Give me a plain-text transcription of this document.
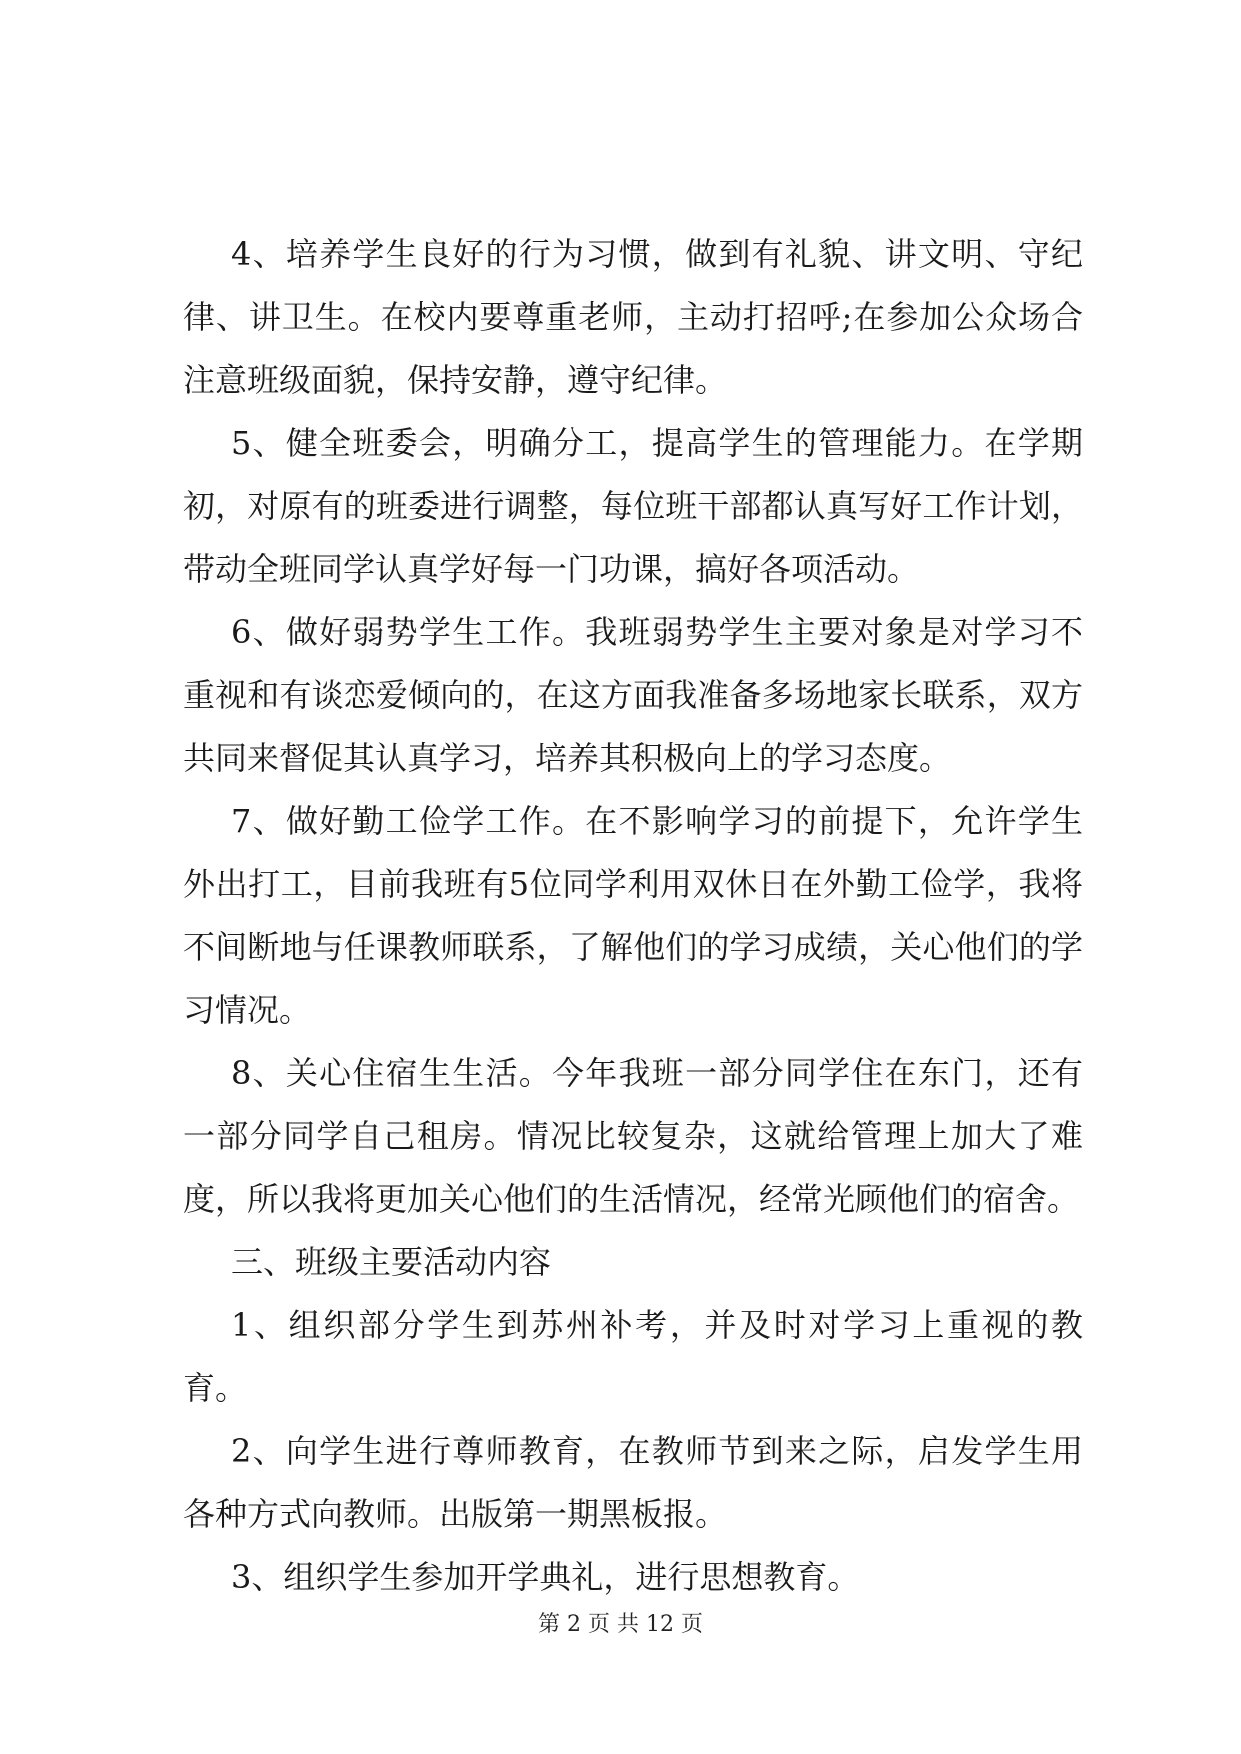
4、培养学生良好的行为习惯，做到有礼貌、讲文明、守纪律、讲卫生。在校内要尊重老师，主动打招呼;在参加公众场合注意班级面貌，保持安静，遵守纪律。

5、健全班委会，明确分工，提高学生的管理能力。在学期初，对原有的班委进行调整，每位班干部都认真写好工作计划，带动全班同学认真学好每一门功课，搞好各项活动。

6、做好弱势学生工作。我班弱势学生主要对象是对学习不重视和有谈恋爱倾向的，在这方面我准备多场地家长联系，双方共同来督促其认真学习，培养其积极向上的学习态度。

7、做好勤工俭学工作。在不影响学习的前提下，允许学生外出打工，目前我班有5位同学利用双休日在外勤工俭学，我将不间断地与任课教师联系，了解他们的学习成绩，关心他们的学习情况。

8、关心住宿生生活。今年我班一部分同学住在东门，还有一部分同学自己租房。情况比较复杂，这就给管理上加大了难度，所以我将更加关心他们的生活情况，经常光顾他们的宿舍。

三、班级主要活动内容

1、组织部分学生到苏州补考，并及时对学习上重视的教育。

2、向学生进行尊师教育，在教师节到来之际，启发学生用各种方式向教师。出版第一期黑板报。

3、组织学生参加开学典礼，进行思想教育。

第 2 页 共 12 页
